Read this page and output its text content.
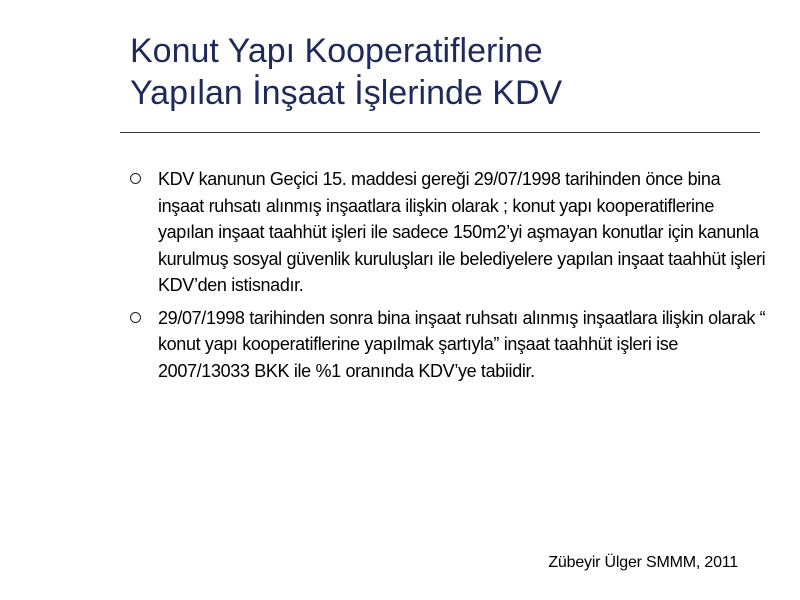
Konut Yapı Kooperatiflerine
Yapılan İnşaat İşlerinde KDV
KDV kanunun Geçici 15. maddesi gereği 29/07/1998 tarihinden önce bina inşaat ruhsatı alınmış inşaatlara ilişkin olarak ; konut yapı kooperatiflerine yapılan inşaat taahhüt işleri ile sadece 150m2’yi aşmayan konutlar için kanunla kurulmuş sosyal güvenlik kuruluşları ile belediyelere yapılan inşaat taahhüt işleri KDV’den istisnadır.
29/07/1998 tarihinden sonra bina inşaat ruhsatı alınmış inşaatlara ilişkin olarak “ konut yapı kooperatiflerine yapılmak şartıyla” inşaat taahhüt işleri ise 2007/13033 BKK ile %1 oranında KDV’ye tabiidir.
Zübeyir Ülger SMMM, 2011
